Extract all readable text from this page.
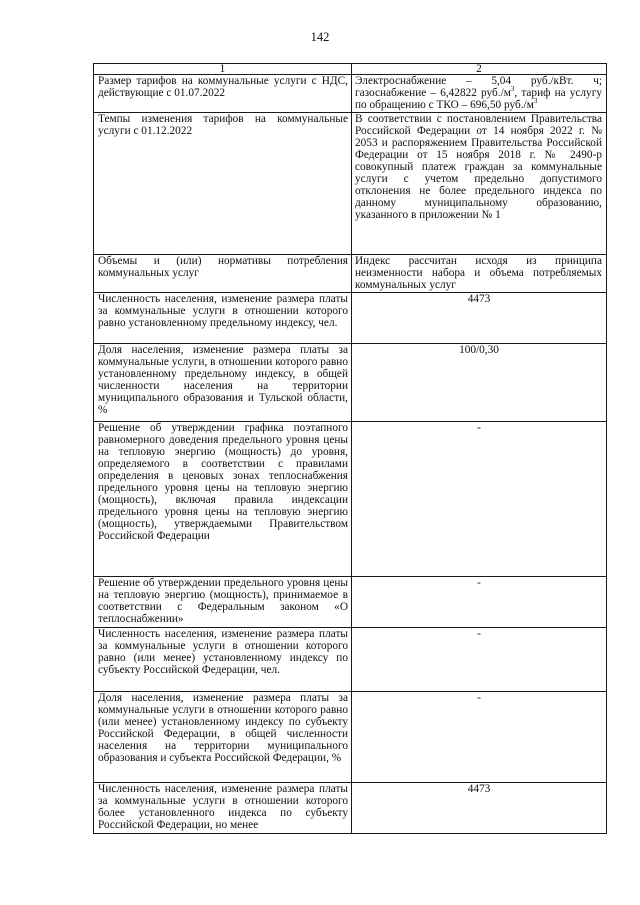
142
1	2

Размер тарифов на коммунальные услуги с НДС, действующие с 01.07.2022	Электроснабжение – 5,04 руб./кВт. ч; газоснабжение – 6,42822 $руб./м^3$, тариф на услугу по обращению с ТКО – 696,50 $руб./м^3$

Темпы изменения тарифов на коммунальные услуги с 01.12.2022	В соответствии с постановлением Правительства Российской Федерации от 14 ноября 2022 г. № 2053 и распоряжением Правительства Российской Федерации от 15 ноября 2018 г. № 2490-р совокупный платеж граждан за коммунальные услуги с учетом предельно допустимого отклонения не более предельного индекса по данному муниципальному образованию, указанного в приложении № 1

Объемы и (или) нормативы потребления коммунальных услуг	Индекс рассчитан исходя из принципа неизменности набора и объема потребляемых коммунальных услуг

Численность населения, изменение размера платы за коммунальные услуги в отношении которого равно установленному предельному индексу, чел.	4473

Доля населения, изменение размера платы за коммунальные услуги, в отношении которого равно установленному предельному индексу, в общей численности населения на территории муниципального образования и Тульской области, %	100/0,30

Решение об утверждении графика поэтапного равномерного доведения предельного уровня цены на тепловую энергию (мощность) до уровня, определяемого в соответствии с правилами определения в ценовых зонах теплоснабжения предельного уровня цены на тепловую энергию (мощность), включая правила индексации предельного уровня цены на тепловую энергию (мощность), утверждаемыми Правительством Российской Федерации	-

Решение об утверждении предельного уровня цены на тепловую энергию (мощность), принимаемое в соответствии с Федеральным законом «О теплоснабжении»	-

Численность населения, изменение размера платы за коммунальные услуги в отношении которого равно (или менее) установленному индексу по субъекту Российской Федерации, чел.	-

Доля населения, изменение размера платы за коммунальные услуги в отношении которого равно (или менее) установленному индексу по субъекту Российской Федерации, в общей численности населения на территории муниципального образования и субъекта Российской Федерации, %	-

Численность населения, изменение размера платы за коммунальные услуги в отношении которого более установленного индекса по субъекту Российской Федерации, но менее	4473
